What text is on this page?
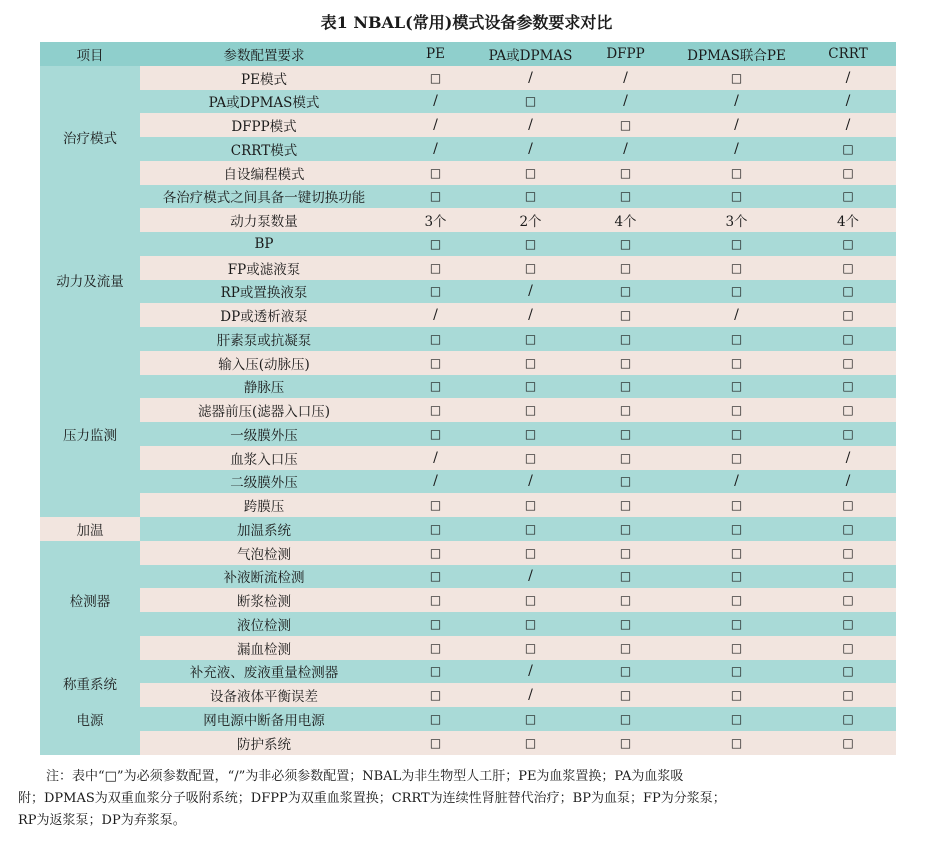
表1 NBAL(常用)模式设备参数要求对比
项目	参数配置要求	PE	PA或DPMAS	DFPP	DPMAS联合PE	CRRT
治疗模式	PE模式	□	/	/	□	/
	PA或DPMAS模式	/	□	/	/	/
	DFPP模式	/	/	□	/	/
	CRRT模式	/	/	/	/	□
	自设编程模式	□	□	□	□	□
	各治疗模式之间具备一键切换功能	□	□	□	□	□
动力及流量	动力泵数量	3个	2个	4个	3个	4个
	BP	□	□	□	□	□
	FP或滤液泵	□	□	□	□	□
	RP或置换液泵	□	/	□	□	□
	DP或透析液泵	/	/	□	/	□
	肝素泵或抗凝泵	□	□	□	□	□
压力监测	输入压(动脉压)	□	□	□	□	□
	静脉压	□	□	□	□	□
	滤器前压(滤器入口压)	□	□	□	□	□
	一级膜外压	□	□	□	□	□
	血浆入口压	/	□	□	□	/
	二级膜外压	/	/	□	/	/
	跨膜压	□	□	□	□	□
加温	加温系统	□	□	□	□	□
检测器	气泡检测	□	□	□	□	□
	补液断流检测	□	/	□	□	□
	断浆检测	□	□	□	□	□
	液位检测	□	□	□	□	□
	漏血检测	□	□	□	□	□
称重系统	补充液、废液重量检测器	□	/	□	□	□
	设备液体平衡误差	□	/	□	□	□
电源	网电源中断备用电源	□	□	□	□	□
	防护系统	□	□	□	□	□
注：表中“□”为必须参数配置，“/”为非必须参数配置；NBAL为非生物型人工肝；PE为血浆置换；PA为血浆吸
附；DPMAS为双重血浆分子吸附系统；DFPP为双重血浆置换；CRRT为连续性肾脏替代治疗；BP为血泵；FP为分浆泵；
RP为返浆泵；DP为弃浆泵。
